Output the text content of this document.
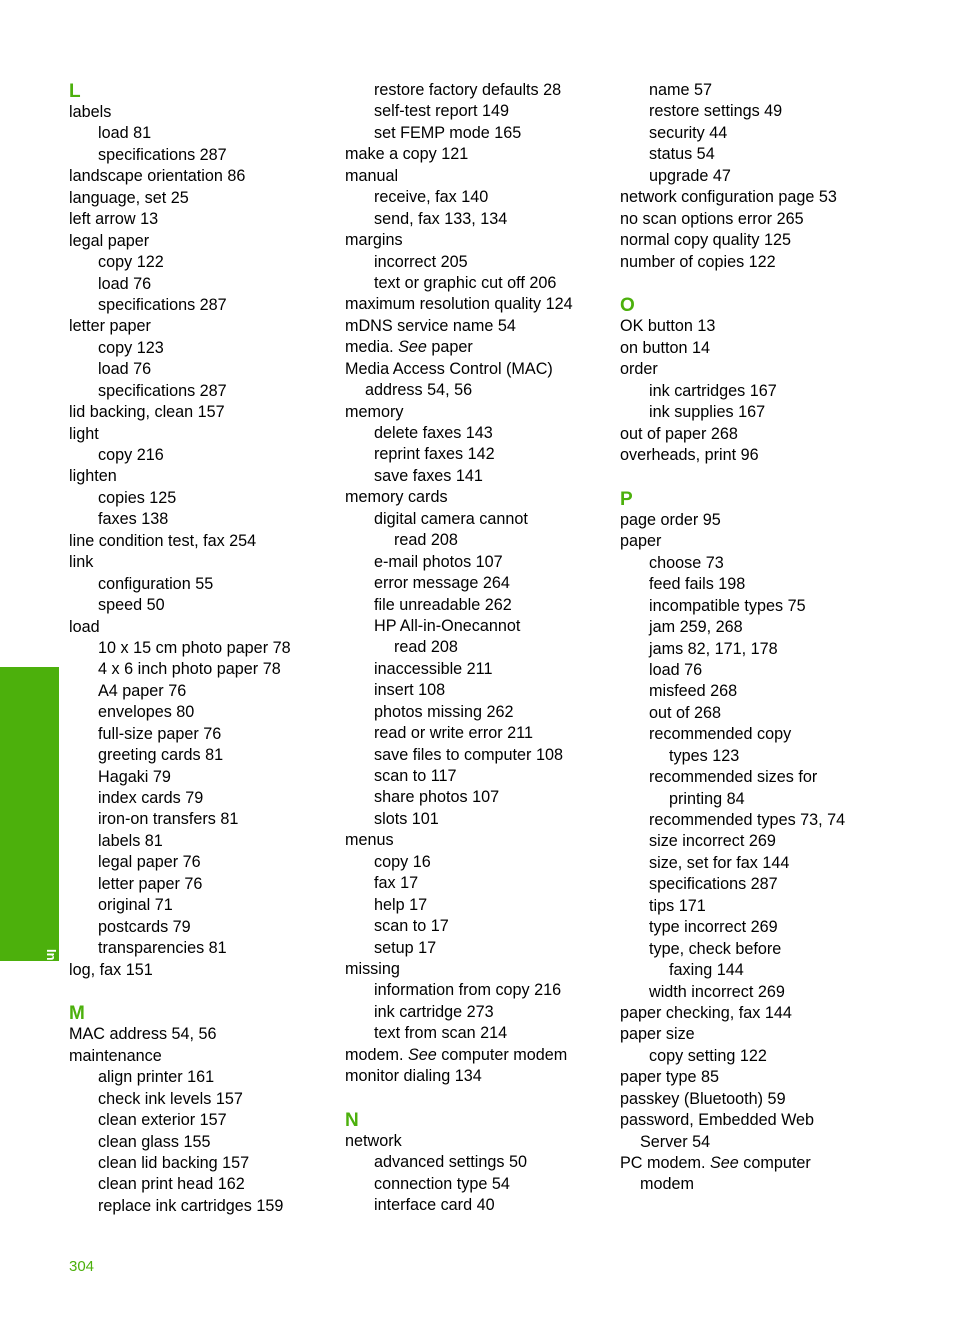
L
labels
load 81
specifications 287
landscape orientation 86
language, set 25
left arrow 13
legal paper
copy 122
load 76
specifications 287
letter paper
copy 123
load 76
specifications 287
lid backing, clean 157
light
copy 216
lighten
copies 125
faxes 138
line condition test, fax 254
link
configuration 55
speed 50
load
10 x 15 cm photo paper 78
4 x 6 inch photo paper 78
A4 paper 76
envelopes 80
full-size paper 76
greeting cards 81
Hagaki 79
index cards 79
iron-on transfers 81
labels 81
legal paper 76
letter paper 76
original 71
postcards 79
transparencies 81
log, fax 151
M
MAC address 54, 56
maintenance
align printer 161
check ink levels 157
clean exterior 157
clean glass 155
clean lid backing 157
clean print head 162
replace ink cartridges 159
restore factory defaults 28
self-test report 149
set FEMP mode 165
make a copy 121
manual
receive, fax 140
send, fax 133, 134
margins
incorrect 205
text or graphic cut off 206
maximum resolution quality 124
mDNS service name 54
media. See paper
Media Access Control (MAC)
address 54, 56
memory
delete faxes 143
reprint faxes 142
save faxes 141
memory cards
digital camera cannot
read 208
e-mail photos 107
error message 264
file unreadable 262
HP All-in-Onecannot
read 208
inaccessible 211
insert 108
photos missing 262
read or write error 211
save files to computer 108
scan to 117
share photos 107
slots 101
menus
copy 16
fax 17
help 17
scan to 17
setup 17
missing
information from copy 216
ink cartridge 273
text from scan 214
modem. See computer modem
monitor dialing 134
N
network
advanced settings 50
connection type 54
interface card 40
name 57
restore settings 49
security 44
status 54
upgrade 47
network configuration page 53
no scan options error 265
normal copy quality 125
number of copies 122
O
OK button 13
on button 14
order
ink cartridges 167
ink supplies 167
out of paper 268
overheads, print 96
P
page order 95
paper
choose 73
feed fails 198
incompatible types 75
jam 259, 268
jams 82, 171, 178
load 76
misfeed 268
out of 268
recommended copy
types 123
recommended sizes for
printing 84
recommended types 73, 74
size incorrect 269
size, set for fax 144
specifications 287
tips 171
type incorrect 269
type, check before
faxing 144
width incorrect 269
paper checking, fax 144
paper size
copy setting 122
paper type 85
passkey (Bluetooth) 59
password, Embedded Web
Server 54
PC modem. See computer
modem
Index
304
